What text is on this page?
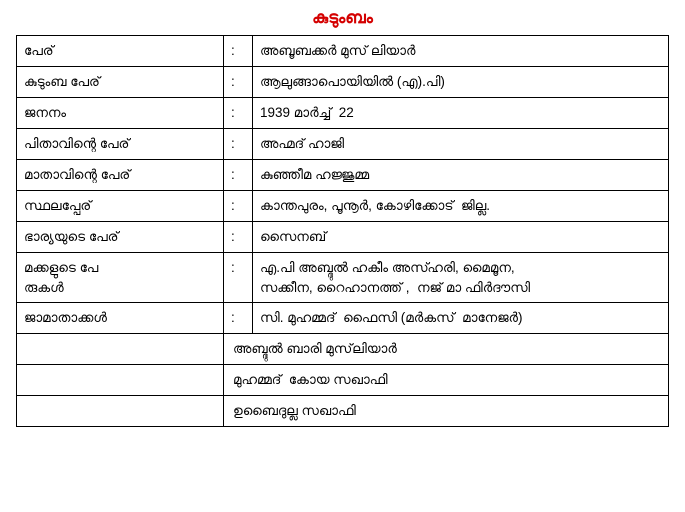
കുടുംബം
പേര്	:	അബൂബക്കർ മുസ് ലിയാർ

കുടുംബ പേര്	:	ആലുങ്ങാപൊയിയിൽ (എ).പി)

ജനനം	:	1939 മാർച്ച്  22

പിതാവിന്റെ പേര്	:	അഹ്മദ് ഹാജി

മാതാവിന്റെ പേര്	:	കുഞ്ഞീമ ഹജ്ജുമ്മ

സ്ഥലപ്പേര്	:	കാന്തപുരം, പൂനൂർ, കോഴിക്കോട്  ജില്ല.

ഭാര്യയുടെ പേര്	:	സൈനബ്

മക്കളുടെ പേ
രുകൾ	:	എ.പി അബ്ദുൽ ഹകീം അസ്ഹരി, മൈമൂന,
സക്കീന, റൈഹാനത്ത് ,  നജ് മാ ഫിർദൗസി

ജാമാതാക്കൾ	:	സി. മുഹമ്മദ്  ഫൈസി (മർകസ്  മാനേജർ)

	അബ്ദുൽ ബാരി മുസ്‌ലിയാർ	

	മുഹമ്മദ്  കോയ സഖാഫി	

	ഉബൈദുല്ല സഖാഫി	
